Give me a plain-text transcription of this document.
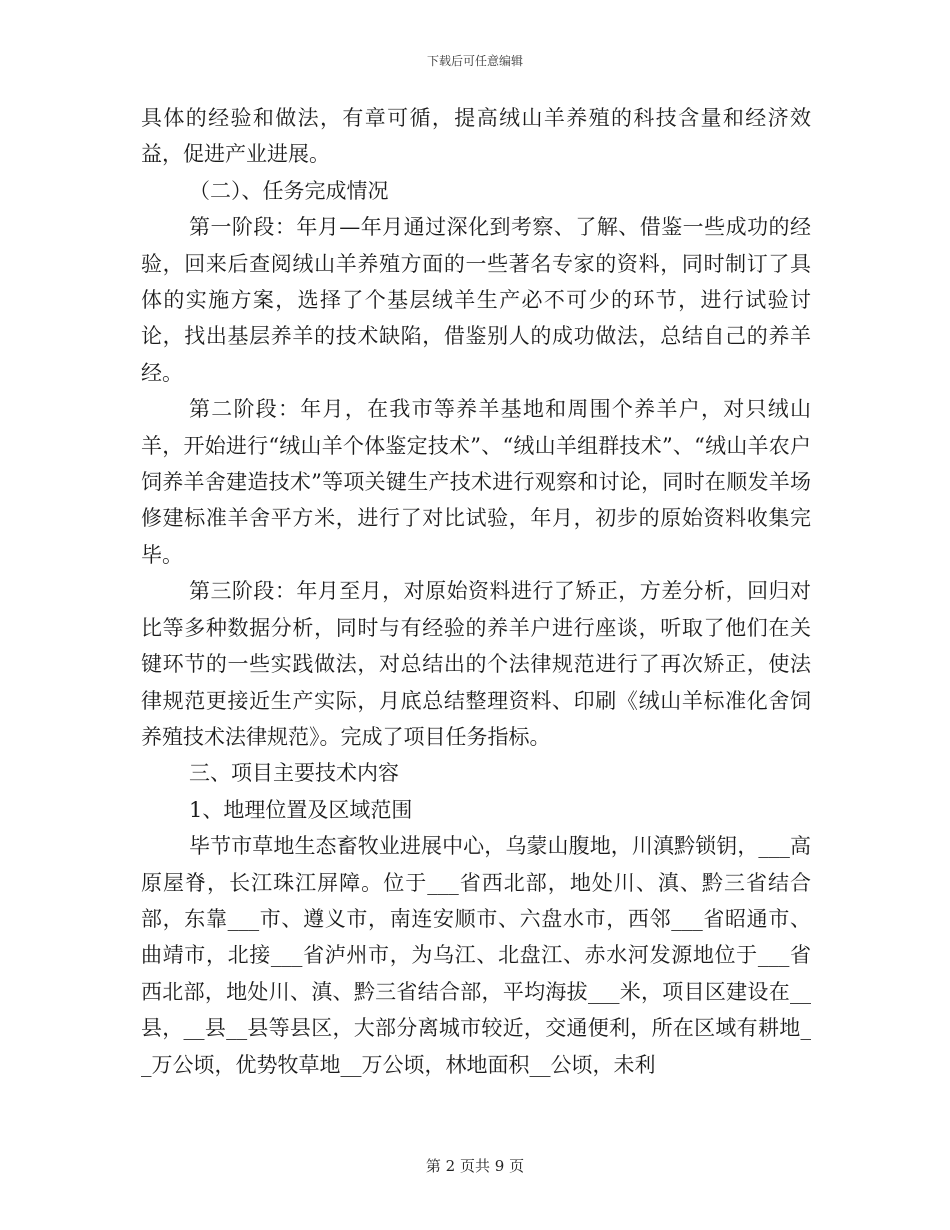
下载后可任意编辑

具体的经验和做法，有章可循，提高绒山羊养殖的科技含量和经济效益，促进产业进展。

（二）、任务完成情况

第一阶段：年月—年月通过深化到考察、了解、借鉴一些成功的经验，回来后查阅绒山羊养殖方面的一些著名专家的资料，同时制订了具体的实施方案，选择了个基层绒羊生产必不可少的环节，进行试验讨论，找出基层养羊的技术缺陷，借鉴别人的成功做法，总结自己的养羊经。

第二阶段：年月，在我市等养羊基地和周围个养羊户，对只绒山羊，开始进行“绒山羊个体鉴定技术”、“绒山羊组群技术”、“绒山羊农户饲养羊舍建造技术”等项关键生产技术进行观察和讨论，同时在顺发羊场修建标准羊舍平方米，进行了对比试验，年月，初步的原始资料收集完毕。

第三阶段：年月至月，对原始资料进行了矫正，方差分析，回归对比等多种数据分析，同时与有经验的养羊户进行座谈，听取了他们在关键环节的一些实践做法，对总结出的个法律规范进行了再次矫正，使法律规范更接近生产实际，月底总结整理资料、印刷《绒山羊标准化舍饲养殖技术法律规范》。完成了项目任务指标。

三、项目主要技术内容

1、地理位置及区域范围

毕节市草地生态畜牧业进展中心，乌蒙山腹地，川滇黔锁钥，___高原屋脊，长江珠江屏障。位于___省西北部，地处川、滇、黔三省结合部，东靠___市、遵义市，南连安顺市、六盘水市，西邻___省昭通市、曲靖市，北接___省泸州市，为乌江、北盘江、赤水河发源地位于___省西北部，地处川、滇、黔三省结合部，平均海拔___米，项目区建设在__县，__县__县等县区，大部分离城市较近，交通便利，所在区域有耕地__万公顷，优势牧草地__万公顷，林地面积__公顷，未利

第 2 页共 9 页
